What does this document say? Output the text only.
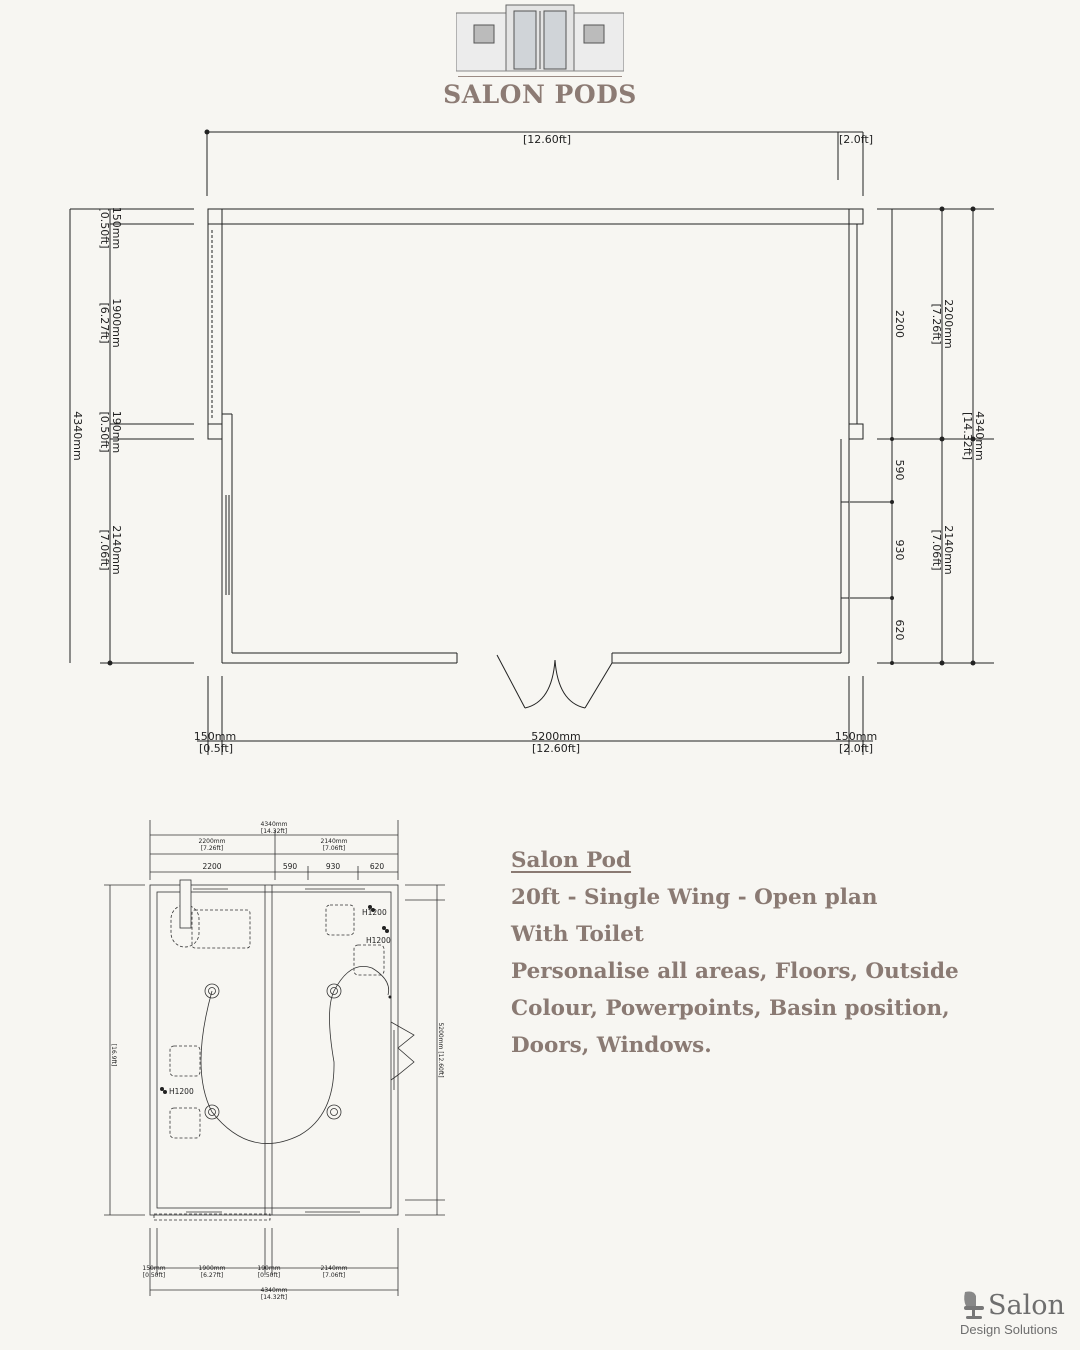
SALON PODS
[12.60ft]	[2.0ft]
150mm
[0.50ft]
1900mm
[6.27ft]
190mm
[0.50ft]
2140mm
[7.06ft]
4340mm
2200
590
930
620
2200mm
[7.26ft]
2140mm
[7.06ft]
4340mm
[14.32ft]
150mm
[0.5ft]
5200mm
[12.60ft]
150mm
[2.0ft]
4340mm
[14.32ft]
2200mm
[7.26ft]
2140mm
[7.06ft]
2200	590	930	620
H1200
H1200
H1200
150mm
[0.50ft]
1900mm
[6.27ft]
190mm
[0.50ft]
2140mm
[7.06ft]
4340mm
[14.32ft]
5200mm [12.60ft]
[16.9ft]
Salon Pod
20ft - Single Wing - Open plan
With Toilet
Personalise all areas, Floors, Outside
Colour, Powerpoints, Basin position,
Doors, Windows.
Salon
Design Solutions
